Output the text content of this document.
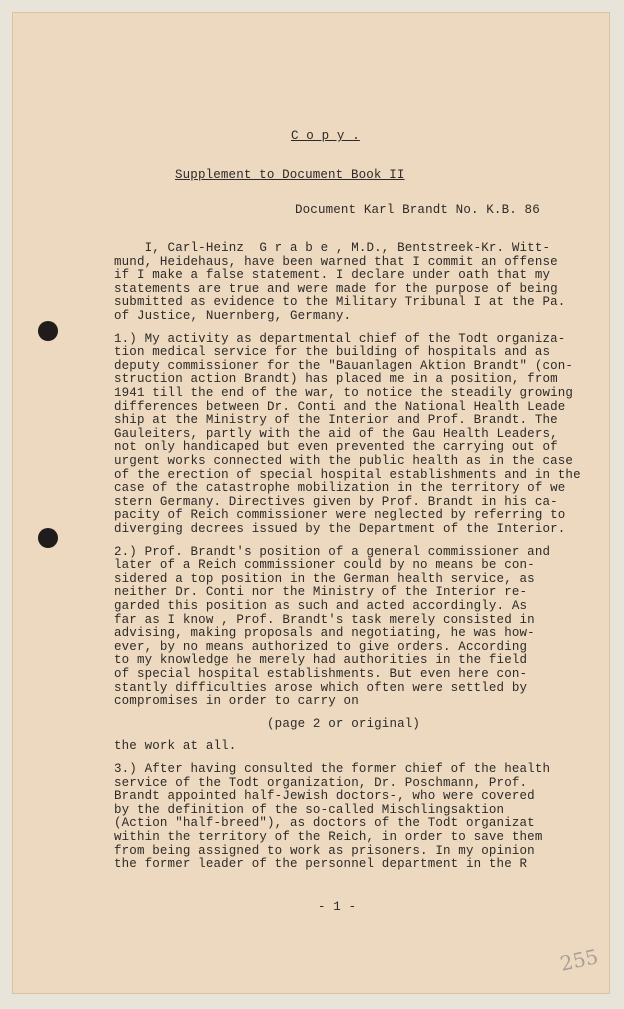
C o p y .
Supplement to Document Book II
Document Karl Brandt No. K.B. 86
I, Carl-Heinz  G r a b e , M.D., Bentstreek-Kr. Witt-
mund, Heidehaus, have been warned that I commit an offense
if I make a false statement. I declare under oath that my
statements are true and were made for the purpose of being
submitted as evidence to the Military Tribunal I at the Pa.
of Justice, Nuernberg, Germany.
1.) My activity as departmental chief of the Todt organiza-
tion medical service for the building of hospitals and as
deputy commissioner for the "Bauanlagen Aktion Brandt" (con-
struction action Brandt) has placed me in a position, from
1941 till the end of the war, to notice the steadily growing
differences between Dr. Conti and the National Health Leade
ship at the Ministry of the Interior and Prof. Brandt. The
Gauleiters, partly with the aid of the Gau Health Leaders,
not only handicaped but even prevented the carrying out of
urgent works connected with the public health as in the case
of the erection of special hospital establishments and in the
case of the catastrophe mobilization in the territory of we
stern Germany. Directives given by Prof. Brandt in his ca-
pacity of Reich commissioner were neglected by referring to
diverging decrees issued by the Department of the Interior.
2.) Prof. Brandt's position of a general commissioner and
later of a Reich commissioner could by no means be con-
sidered a top position in the German health service, as
neither Dr. Conti nor the Ministry of the Interior re-
garded this position as such and acted accordingly. As
far as I know , Prof. Brandt's task merely consisted in
advising, making proposals and negotiating, he was how-
ever, by no means authorized to give orders. According
to my knowledge he merely had authorities in the field
of special hospital establishments. But even here con-
stantly difficulties arose which often were settled by
compromises in order to carry on
(page 2 or original)
the work at all.
3.) After having consulted the former chief of the health
service of the Todt organization, Dr. Poschmann, Prof.
Brandt appointed half-Jewish doctors-, who were covered
by the definition of the so-called Mischlingsaktion
(Action "half-breed"), as doctors of the Todt organizat
within the territory of the Reich, in order to save them
from being assigned to work as prisoners. In my opinion
the former leader of the personnel department in the R
- 1 -
255
